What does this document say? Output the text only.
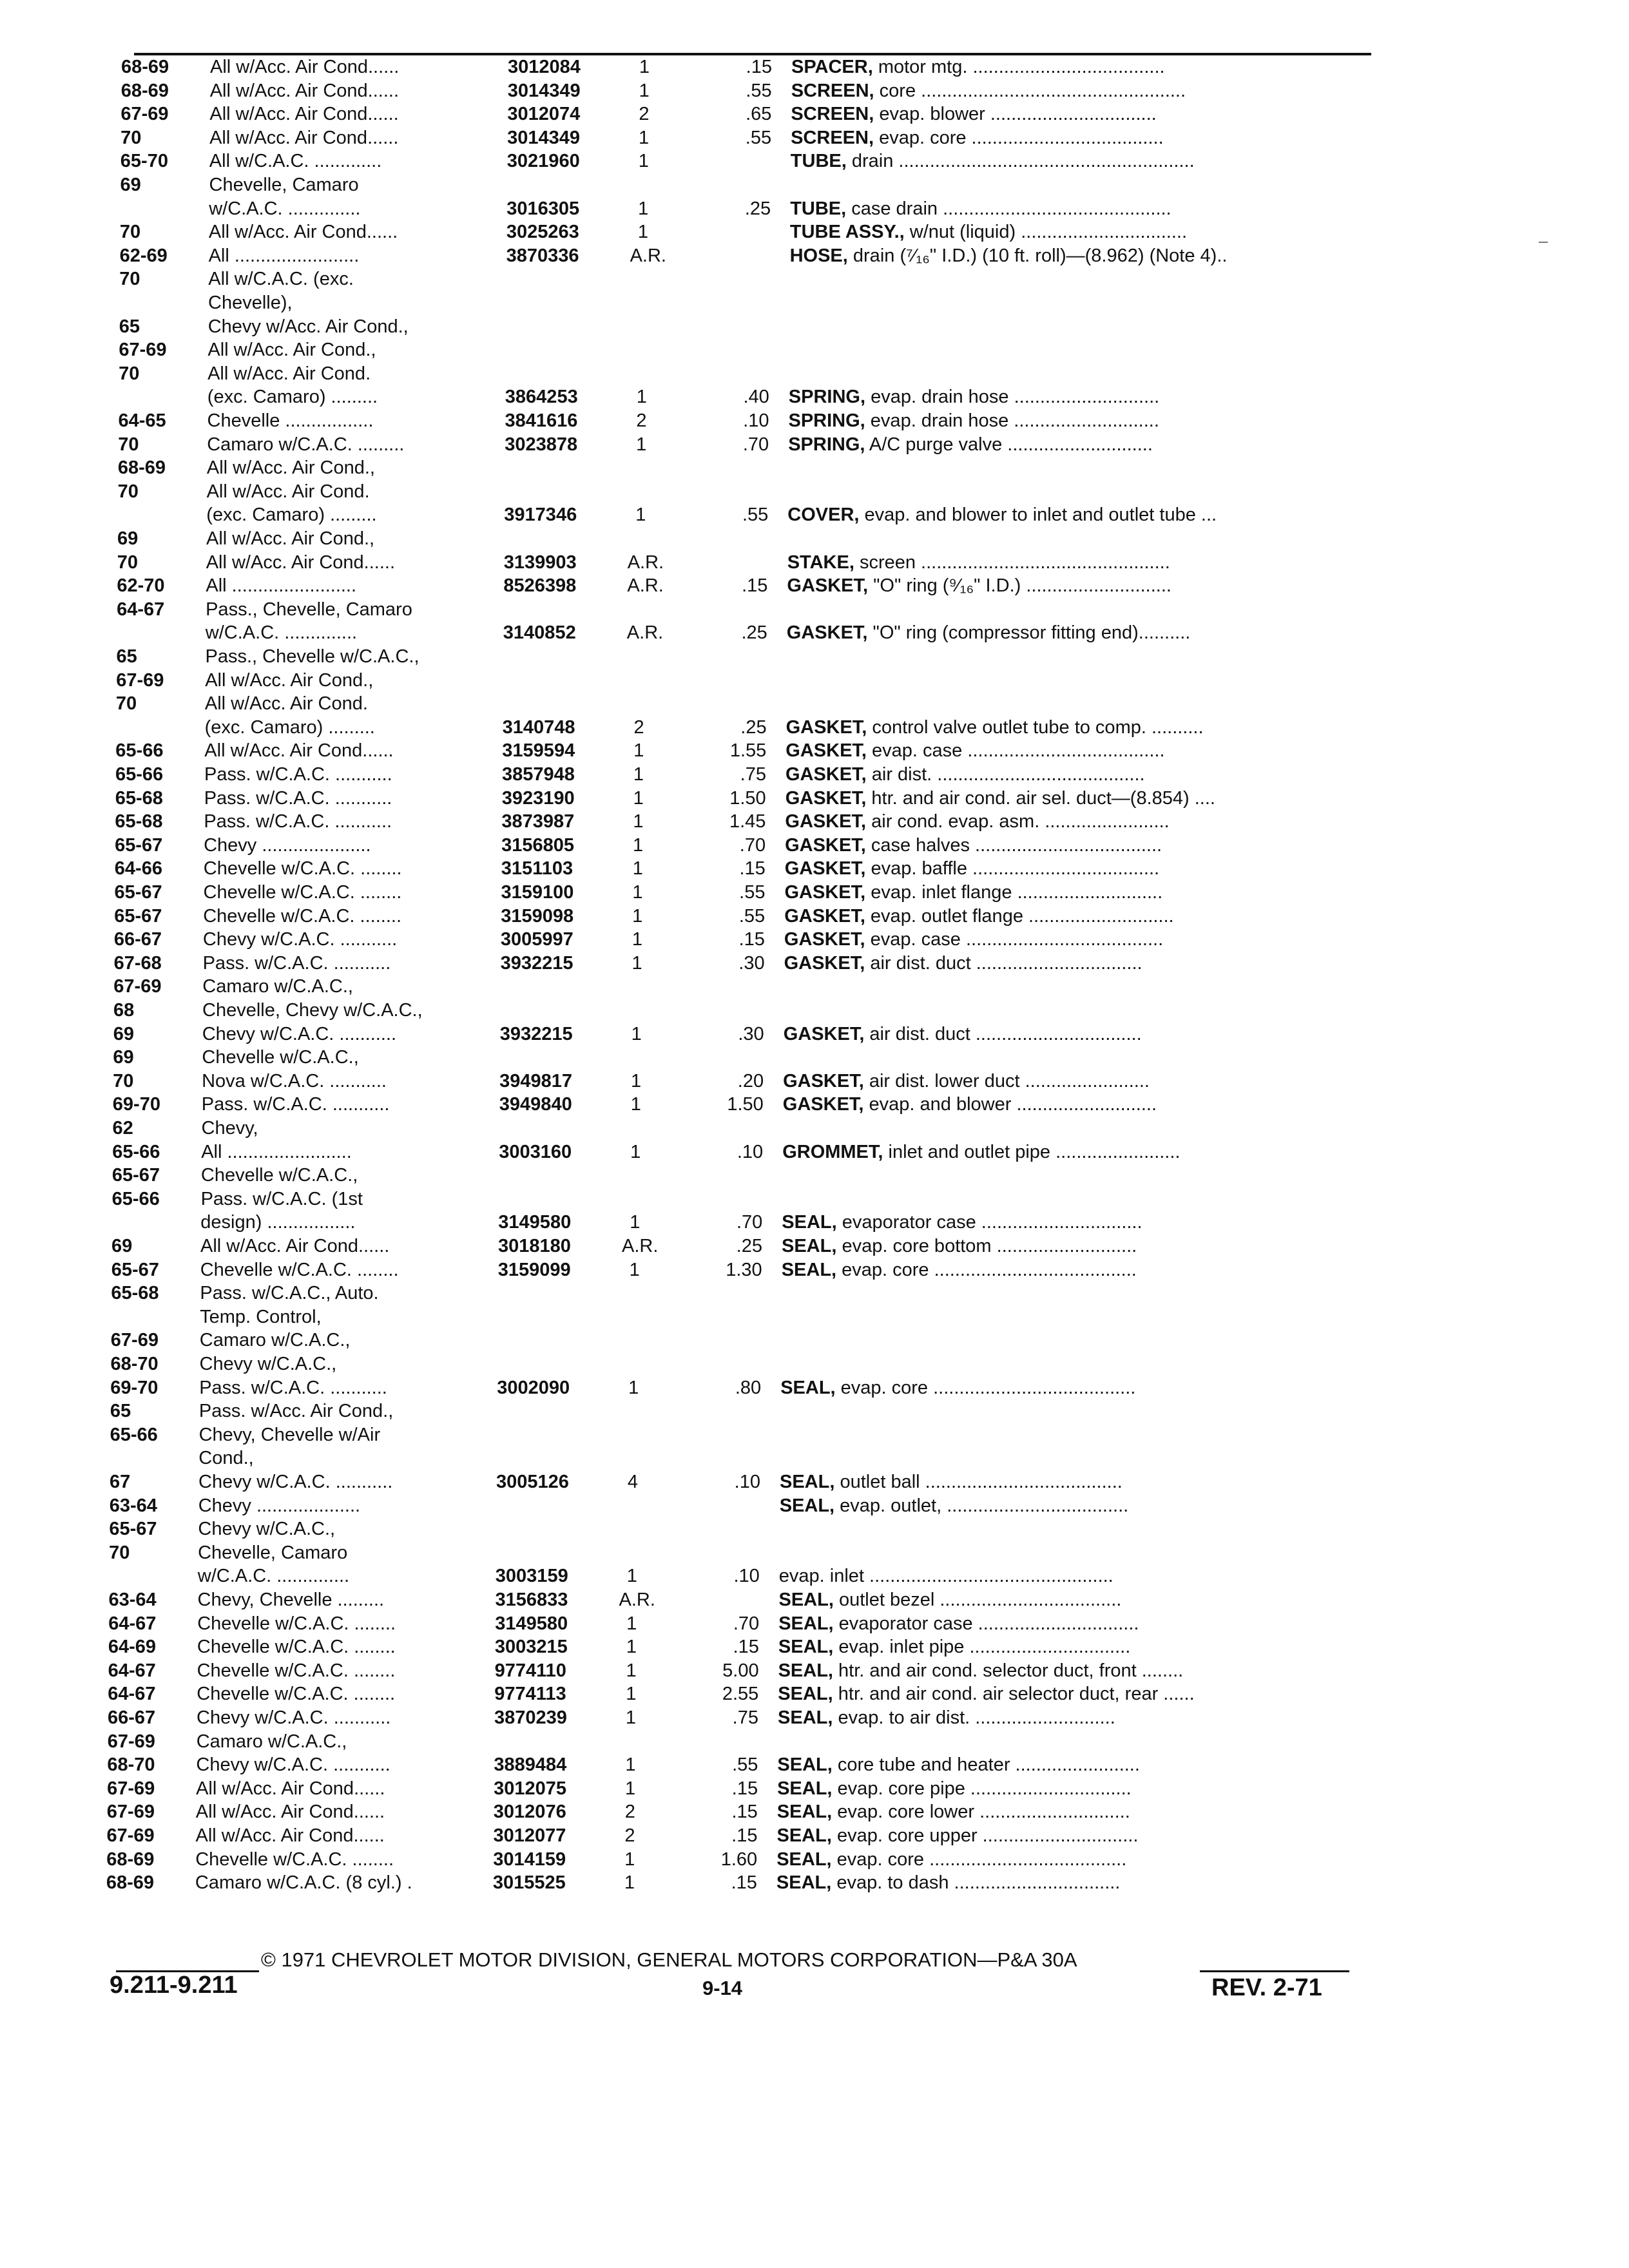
68-69	All w/Acc. Air Cond......	3012084	1	.15 SPACER, motor mtg. .....................................
68-69	All w/Acc. Air Cond......	3014349	1	.55 SCREEN, core ...................................................
67-69	All w/Acc. Air Cond......	3012074	2	.65 SCREEN, evap. blower ................................
70	All w/Acc. Air Cond......	3014349	1	.55 SCREEN, evap. core .....................................
65-70	All w/C.A.C. .............	3021960	1	TUBE, drain .........................................................
69	Chevelle, Camaro
w/C.A.C. ..............	3016305	1	.25 TUBE, case drain ............................................
70	All w/Acc. Air Cond......	3025263	1	TUBE ASSY., w/nut (liquid) ................................
62-69	All ........................	3870336	A.R.	HOSE, drain (⁷⁄₁₆" I.D.) (10 ft. roll)—(8.962) (Note 4)..
70	All w/C.A.C. (exc.
Chevelle),
65	Chevy w/Acc. Air Cond.,
67-69	All w/Acc. Air Cond.,
70	All w/Acc. Air Cond.
(exc. Camaro) .........	3864253	1	.40 SPRING, evap. drain hose ............................
64-65	Chevelle .................	3841616	2	.10 SPRING, evap. drain hose ............................
70	Camaro w/C.A.C. .........	3023878	1	.70 SPRING, A/C purge valve ............................
68-69	All w/Acc. Air Cond.,
70	All w/Acc. Air Cond.
(exc. Camaro) .........	3917346	1	.55 COVER, evap. and blower to inlet and outlet tube ...
69	All w/Acc. Air Cond.,
70	All w/Acc. Air Cond......	3139903	A.R.	STAKE, screen ................................................
62-70	All ........................	8526398	A.R.	.15 GASKET, "O" ring (⁹⁄₁₆" I.D.) ............................
64-67	Pass., Chevelle, Camaro
w/C.A.C. ..............	3140852	A.R.	.25 GASKET, "O" ring (compressor fitting end)..........
65	Pass., Chevelle w/C.A.C.,
67-69	All w/Acc. Air Cond.,
70	All w/Acc. Air Cond.
(exc. Camaro) .........	3140748	2	.25 GASKET, control valve outlet tube to comp. ..........
65-66	All w/Acc. Air Cond......	3159594	1	1.55 GASKET, evap. case ......................................
65-66	Pass. w/C.A.C. ...........	3857948	1	.75 GASKET, air dist. ........................................
65-68	Pass. w/C.A.C. ...........	3923190	1	1.50 GASKET, htr. and air cond. air sel. duct—(8.854) ....
65-68	Pass. w/C.A.C. ...........	3873987	1	1.45 GASKET, air cond. evap. asm. ........................
65-67	Chevy .....................	3156805	1	.70 GASKET, case halves ....................................
64-66	Chevelle w/C.A.C. ........	3151103	1	.15 GASKET, evap. baffle ....................................
65-67	Chevelle w/C.A.C. ........	3159100	1	.55 GASKET, evap. inlet flange ............................
65-67	Chevelle w/C.A.C. ........	3159098	1	.55 GASKET, evap. outlet flange ............................
66-67	Chevy w/C.A.C. ...........	3005997	1	.15 GASKET, evap. case ......................................
67-68	Pass. w/C.A.C. ...........	3932215	1	.30 GASKET, air dist. duct ................................
67-69	Camaro w/C.A.C.,
68	Chevelle, Chevy w/C.A.C.,
69	Chevy w/C.A.C. ...........	3932215	1	.30 GASKET, air dist. duct ................................
69	Chevelle w/C.A.C.,
70	Nova w/C.A.C. ...........	3949817	1	.20 GASKET, air dist. lower duct ........................
69-70	Pass. w/C.A.C. ...........	3949840	1	1.50 GASKET, evap. and blower ...........................
62	Chevy,
65-66	All ........................	3003160	1	.10 GROMMET, inlet and outlet pipe ........................
65-67	Chevelle w/C.A.C.,
65-66	Pass. w/C.A.C. (1st
design) .................	3149580	1	.70 SEAL, evaporator case ...............................
69	All w/Acc. Air Cond......	3018180	A.R.	.25 SEAL, evap. core bottom ...........................
65-67	Chevelle w/C.A.C. ........	3159099	1	1.30 SEAL, evap. core .......................................
65-68	Pass. w/C.A.C., Auto.
Temp. Control,
67-69	Camaro w/C.A.C.,
68-70	Chevy w/C.A.C.,
69-70	Pass. w/C.A.C. ...........	3002090	1	.80 SEAL, evap. core .......................................
65	Pass. w/Acc. Air Cond.,
65-66	Chevy, Chevelle w/Air
Cond.,
67	Chevy w/C.A.C. ...........	3005126	4	.10 SEAL, outlet ball ......................................
63-64	Chevy ....................	SEAL, evap. outlet, ...................................
65-67	Chevy w/C.A.C.,
70	Chevelle, Camaro
w/C.A.C. ..............	3003159	1	.10 evap. inlet ...............................................
63-64	Chevy, Chevelle .........	3156833	A.R.	SEAL, outlet bezel ...................................
64-67	Chevelle w/C.A.C. ........	3149580	1	.70 SEAL, evaporator case ...............................
64-69	Chevelle w/C.A.C. ........	3003215	1	.15 SEAL, evap. inlet pipe ...............................
64-67	Chevelle w/C.A.C. ........	9774110	1	5.00 SEAL, htr. and air cond. selector duct, front ........
64-67	Chevelle w/C.A.C. ........	9774113	1	2.55 SEAL, htr. and air cond. air selector duct, rear ......
66-67	Chevy w/C.A.C. ...........	3870239	1	.75 SEAL, evap. to air dist. ...........................
67-69	Camaro w/C.A.C.,
68-70	Chevy w/C.A.C. ...........	3889484	1	.55 SEAL, core tube and heater ........................
67-69	All w/Acc. Air Cond......	3012075	1	.15 SEAL, evap. core pipe ...............................
67-69	All w/Acc. Air Cond......	3012076	2	.15 SEAL, evap. core lower .............................
67-69	All w/Acc. Air Cond......	3012077	2	.15 SEAL, evap. core upper ..............................
68-69	Chevelle w/C.A.C. ........	3014159	1	1.60 SEAL, evap. core ......................................
68-69	Camaro w/C.A.C. (8 cyl.) .	3015525	1	.15 SEAL, evap. to dash ................................
© 1971 CHEVROLET MOTOR DIVISION, GENERAL MOTORS CORPORATION—P&A 30A
9.211-9.211	9-14	REV. 2-71
